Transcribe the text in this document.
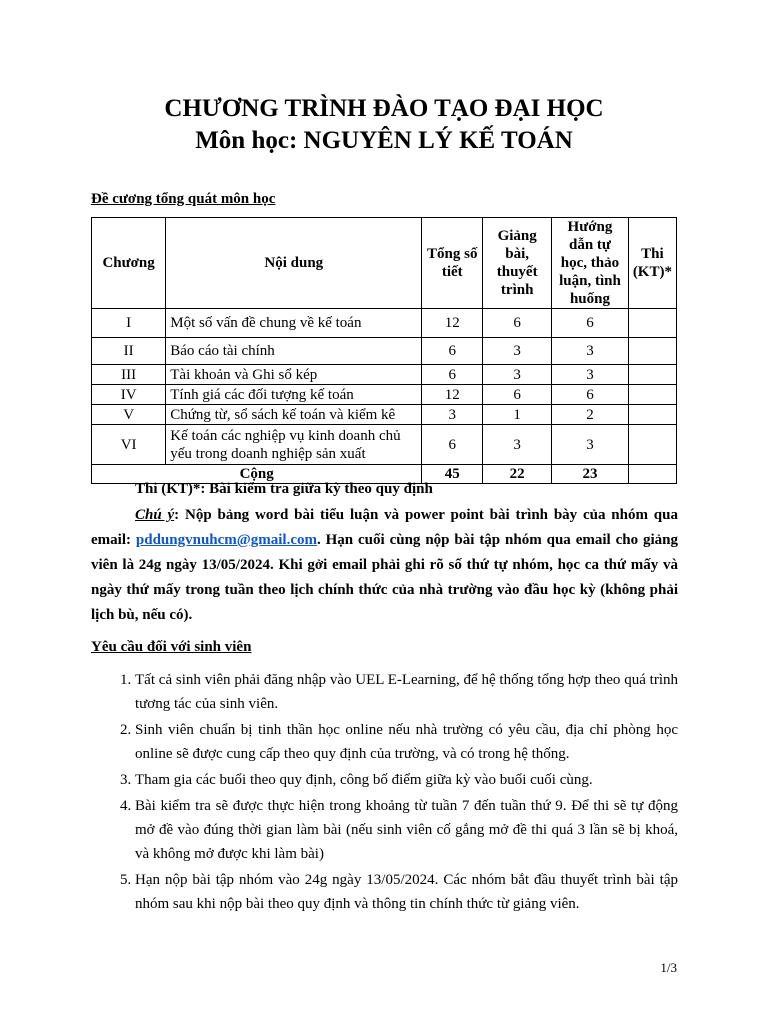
CHƯƠNG TRÌNH ĐÀO TẠO ĐẠI HỌC
Môn học: NGUYÊN LÝ KẾ TOÁN
Đề cương tổng quát môn học
Chương	Nội dung	Tổng số tiết	Giảng bài, thuyết trình	Hướng dẫn tự học, thảo luận, tình huống	Thi (KT)*
I	Một số vấn đề chung về kế toán	12	6	6	
II	Báo cáo tài chính	6	3	3	
III	Tài khoản và Ghi sổ kép	6	3	3	
IV	Tính giá các đối tượng kế toán	12	6	6	
V	Chứng từ, sổ sách kế toán và kiểm kê	3	1	2	
VI	Kế toán các nghiệp vụ kinh doanh chủ yếu trong doanh nghiệp sản xuất	6	3	3	
Cộng		45	22	23	
Thi (KT)*: Bài kiểm tra giữa kỳ theo quy định
Chú ý: Nộp bảng word bài tiểu luận và power point bài trình bày của nhóm qua email: pddungvnuhcm@gmail.com. Hạn cuối cùng nộp bài tập nhóm qua email cho giảng viên là 24g ngày 13/05/2024. Khi gởi email phải ghi rõ số thứ tự nhóm, học ca thứ mấy và ngày thứ mấy trong tuần theo lịch chính thức của nhà trường vào đầu học kỳ (không phải lịch bù, nếu có).
Yêu cầu đối với sinh viên
1. Tất cả sinh viên phải đăng nhập vào UEL E-Learning, để hệ thống tổng hợp theo quá trình tương tác của sinh viên.
2. Sinh viên chuẩn bị tinh thần học online nếu nhà trường có yêu cầu, địa chỉ phòng học online sẽ được cung cấp theo quy định của trường, và có trong hệ thống.
3. Tham gia các buổi theo quy định, công bố điểm giữa kỳ vào buổi cuối cùng.
4. Bài kiểm tra sẽ được thực hiện trong khoảng từ tuần 7 đến tuần thứ 9. Để thi sẽ tự động mở đề vào đúng thời gian làm bài (nếu sinh viên cố gắng mở đề thi quá 3 lần sẽ bị khoá, và không mở được khi làm bài)
5. Hạn nộp bài tập nhóm vào 24g ngày 13/05/2024. Các nhóm bắt đầu thuyết trình bài tập nhóm sau khi nộp bài theo quy định và thông tin chính thức từ giảng viên.
1/3
